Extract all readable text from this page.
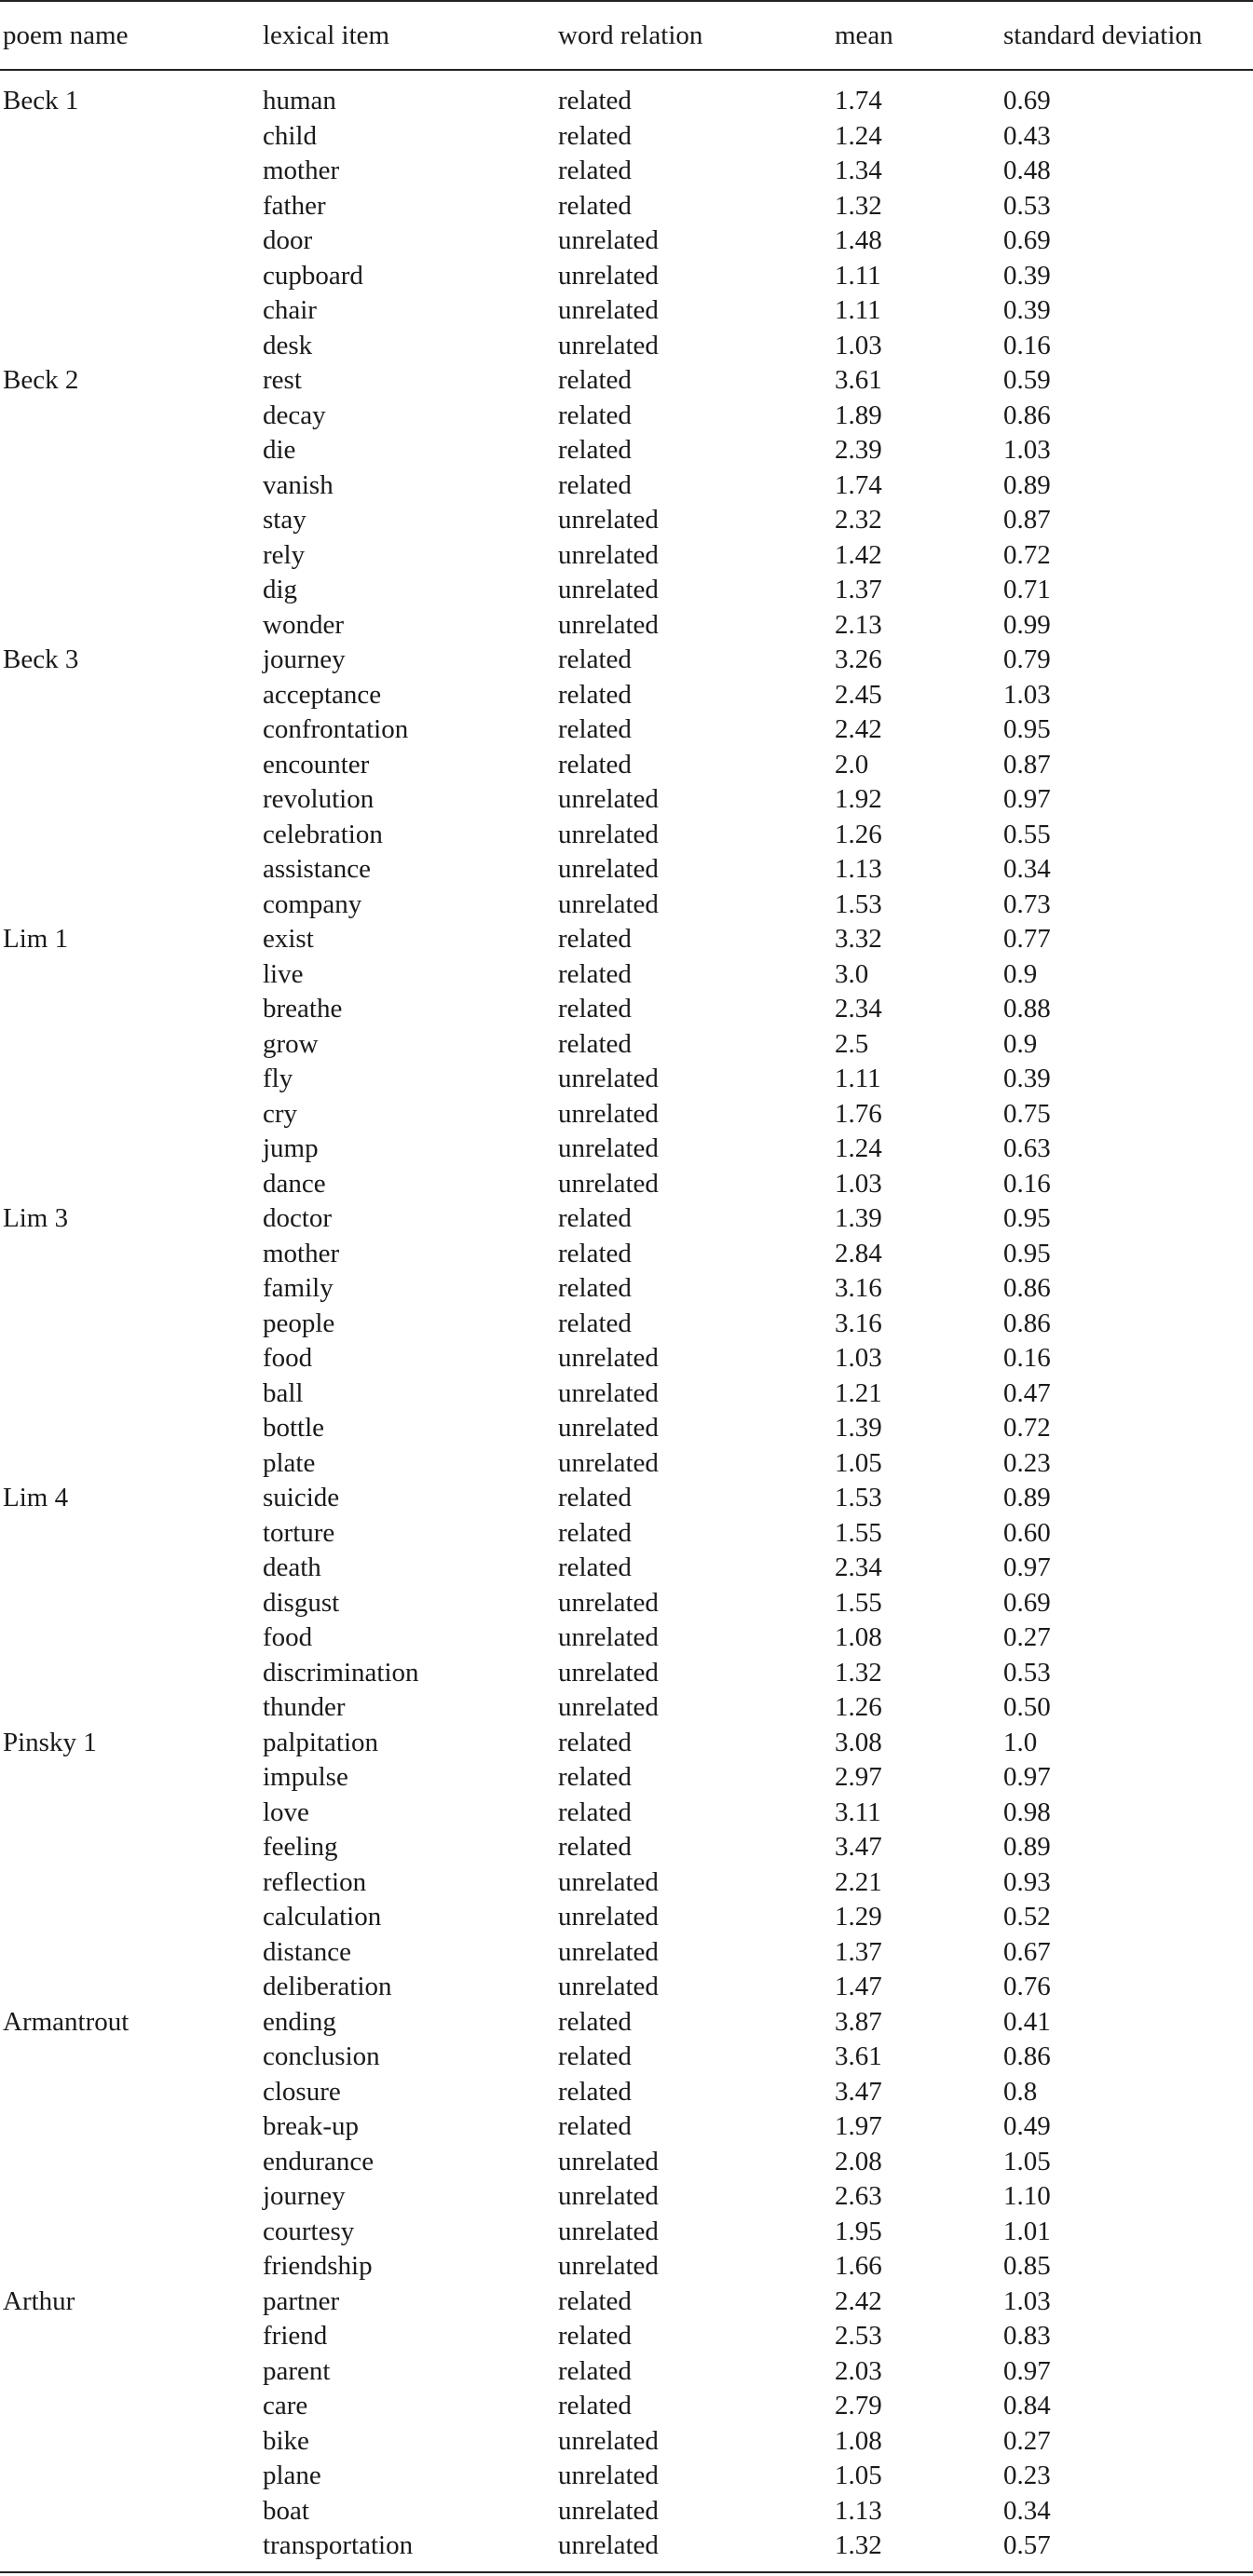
poem name	lexical item	word relation	mean	standard deviation
Beck 1	human	related	1.74	0.69
	child	related	1.24	0.43
	mother	related	1.34	0.48
	father	related	1.32	0.53
	door	unrelated	1.48	0.69
	cupboard	unrelated	1.11	0.39
	chair	unrelated	1.11	0.39
	desk	unrelated	1.03	0.16
Beck 2	rest	related	3.61	0.59
	decay	related	1.89	0.86
	die	related	2.39	1.03
	vanish	related	1.74	0.89
	stay	unrelated	2.32	0.87
	rely	unrelated	1.42	0.72
	dig	unrelated	1.37	0.71
	wonder	unrelated	2.13	0.99
Beck 3	journey	related	3.26	0.79
	acceptance	related	2.45	1.03
	confrontation	related	2.42	0.95
	encounter	related	2.0	0.87
	revolution	unrelated	1.92	0.97
	celebration	unrelated	1.26	0.55
	assistance	unrelated	1.13	0.34
	company	unrelated	1.53	0.73
Lim 1	exist	related	3.32	0.77
	live	related	3.0	0.9
	breathe	related	2.34	0.88
	grow	related	2.5	0.9
	fly	unrelated	1.11	0.39
	cry	unrelated	1.76	0.75
	jump	unrelated	1.24	0.63
	dance	unrelated	1.03	0.16
Lim 3	doctor	related	1.39	0.95
	mother	related	2.84	0.95
	family	related	3.16	0.86
	people	related	3.16	0.86
	food	unrelated	1.03	0.16
	ball	unrelated	1.21	0.47
	bottle	unrelated	1.39	0.72
	plate	unrelated	1.05	0.23
Lim 4	suicide	related	1.53	0.89
	torture	related	1.55	0.60
	death	related	2.34	0.97
	disgust	unrelated	1.55	0.69
	food	unrelated	1.08	0.27
	discrimination	unrelated	1.32	0.53
	thunder	unrelated	1.26	0.50
Pinsky 1	palpitation	related	3.08	1.0
	impulse	related	2.97	0.97
	love	related	3.11	0.98
	feeling	related	3.47	0.89
	reflection	unrelated	2.21	0.93
	calculation	unrelated	1.29	0.52
	distance	unrelated	1.37	0.67
	deliberation	unrelated	1.47	0.76
Armantrout	ending	related	3.87	0.41
	conclusion	related	3.61	0.86
	closure	related	3.47	0.8
	break-up	related	1.97	0.49
	endurance	unrelated	2.08	1.05
	journey	unrelated	2.63	1.10
	courtesy	unrelated	1.95	1.01
	friendship	unrelated	1.66	0.85
Arthur	partner	related	2.42	1.03
	friend	related	2.53	0.83
	parent	related	2.03	0.97
	care	related	2.79	0.84
	bike	unrelated	1.08	0.27
	plane	unrelated	1.05	0.23
	boat	unrelated	1.13	0.34
	transportation	unrelated	1.32	0.57
